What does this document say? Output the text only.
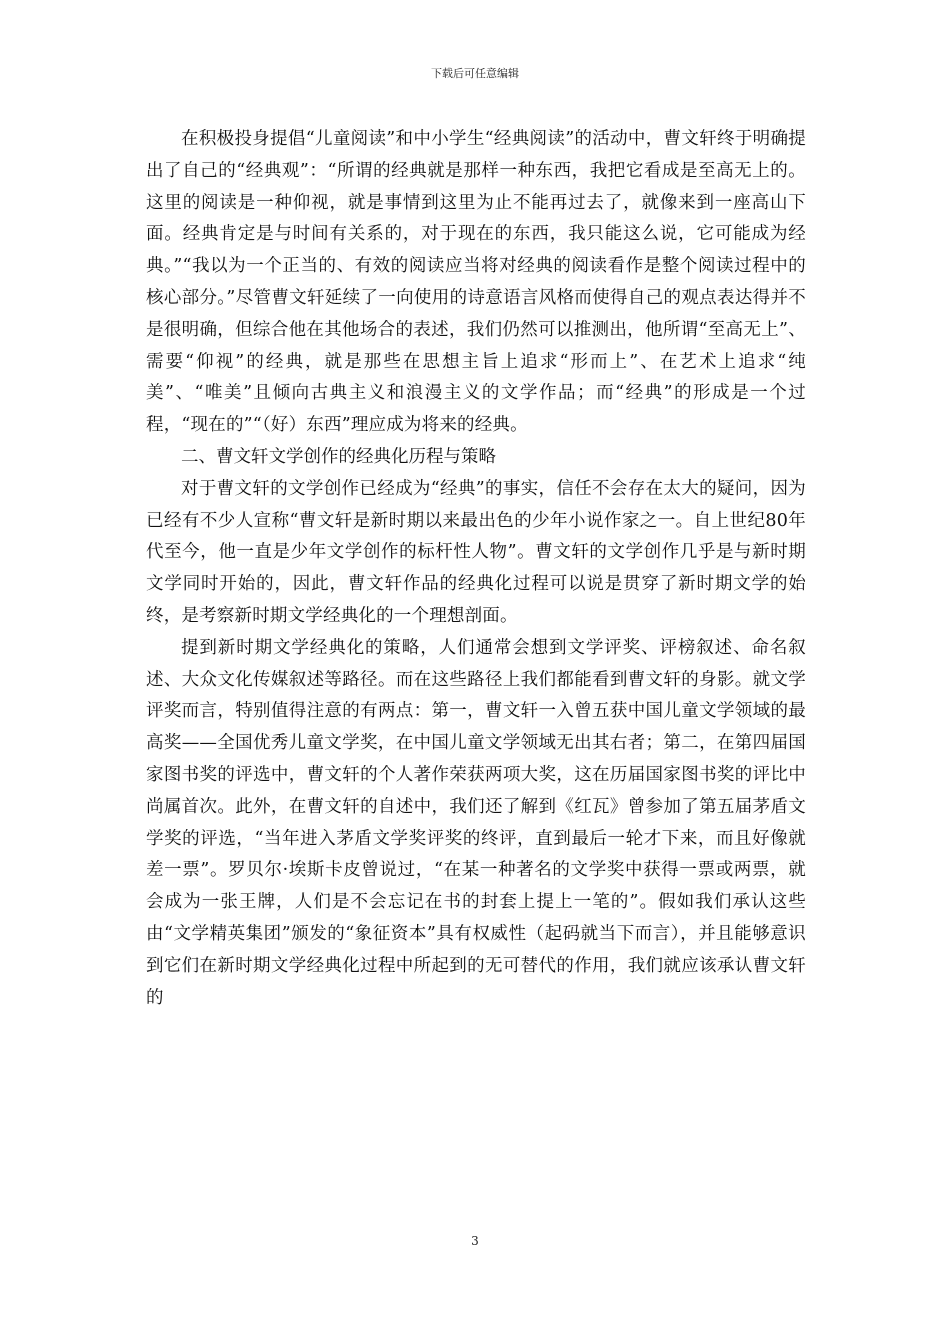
下载后可任意编辑

在积极投身提倡“儿童阅读”和中小学生“经典阅读”的活动中，曹文轩终于明确提出了自己的“经典观”：“所谓的经典就是那样一种东西，我把它看成是至高无上的。这里的阅读是一种仰视，就是事情到这里为止不能再过去了，就像来到一座高山下面。经典肯定是与时间有关系的，对于现在的东西，我只能这么说，它可能成为经典。”“我以为一个正当的、有效的阅读应当将对经典的阅读看作是整个阅读过程中的核心部分。”尽管曹文轩延续了一向使用的诗意语言风格而使得自己的观点表达得并不是很明确，但综合他在其他场合的表述，我们仍然可以推测出，他所谓“至高无上”、需要“仰视”的经典，就是那些在思想主旨上追求“形而上”、在艺术上追求“纯美”、“唯美”且倾向古典主义和浪漫主义的文学作品；而“经典”的形成是一个过程，“现在的”“（好）东西”理应成为将来的经典。

二、曹文轩文学创作的经典化历程与策略

对于曹文轩的文学创作已经成为“经典”的事实，信任不会存在太大的疑问，因为已经有不少人宣称“曹文轩是新时期以来最出色的少年小说作家之一。自上世纪80年代至今，他一直是少年文学创作的标杆性人物”。曹文轩的文学创作几乎是与新时期文学同时开始的，因此，曹文轩作品的经典化过程可以说是贯穿了新时期文学的始终，是考察新时期文学经典化的一个理想剖面。

提到新时期文学经典化的策略，人们通常会想到文学评奖、评榜叙述、命名叙述、大众文化传媒叙述等路径。而在这些路径上我们都能看到曹文轩的身影。就文学评奖而言，特别值得注意的有两点：第一，曹文轩一入曾五获中国儿童文学领域的最高奖——全国优秀儿童文学奖，在中国儿童文学领域无出其右者；第二，在第四届国家图书奖的评选中，曹文轩的个人著作荣获两项大奖，这在历届国家图书奖的评比中尚属首次。此外，在曹文轩的自述中，我们还了解到《红瓦》曾参加了第五届茅盾文学奖的评选，“当年进入茅盾文学奖评奖的终评，直到最后一轮才下来，而且好像就差一票”。罗贝尔·埃斯卡皮曾说过，“在某一种著名的文学奖中获得一票或两票，就会成为一张王牌，人们是不会忘记在书的封套上提上一笔的”。假如我们承认这些由“文学精英集团”颁发的“象征资本”具有权威性（起码就当下而言），并且能够意识到它们在新时期文学经典化过程中所起到的无可替代的作用，我们就应该承认曹文轩的

3
